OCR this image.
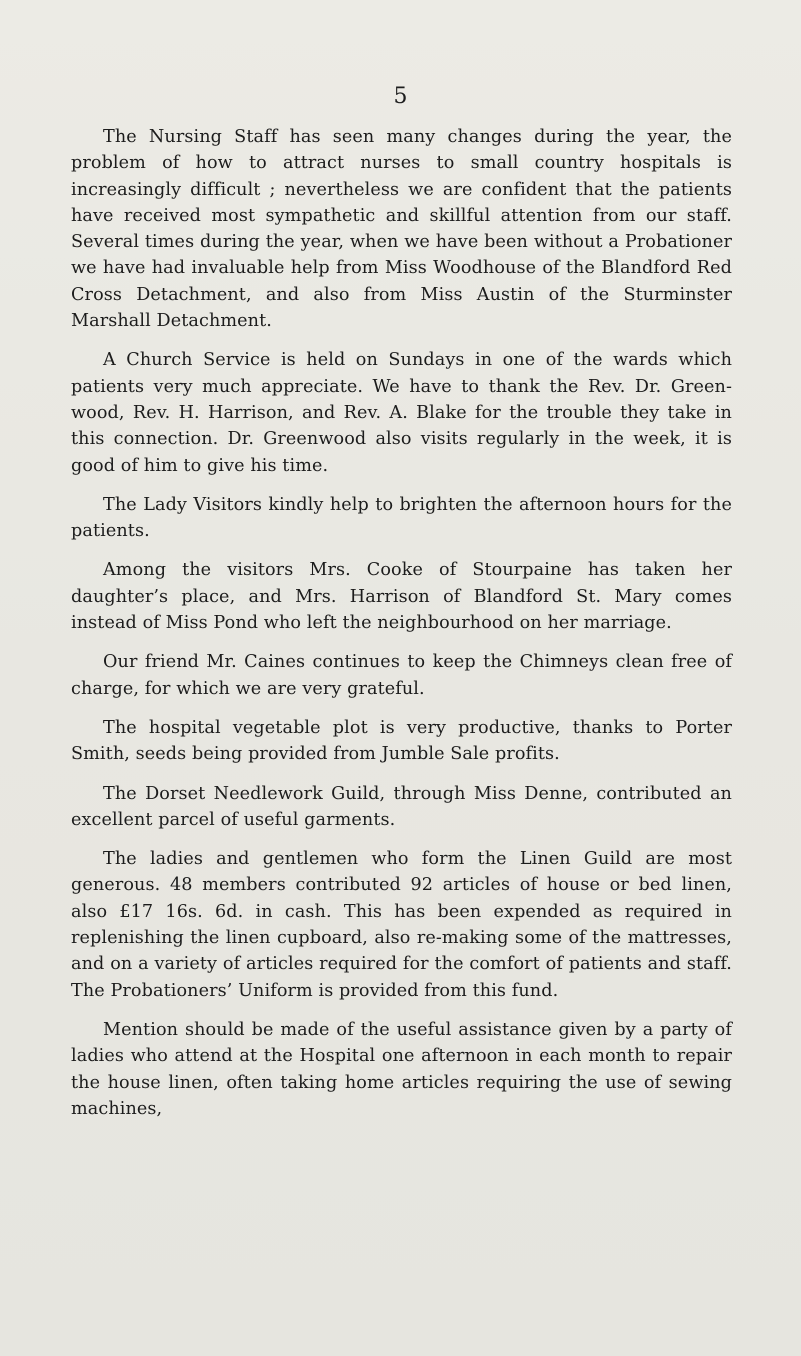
5

The Nursing Staff has seen many changes during the year, the problem of how to attract nurses to small country hospitals is increasingly difficult ; nevertheless we are confident that the patients have received most sympathetic and skillful attention from our staff. Several times during the year, when we have been without a Probationer we have had invaluable help from Miss Woodhouse of the Blandford Red Cross Detachment, and also from Miss Austin of the Sturminster Marshall Detachment.

A Church Service is held on Sundays in one of the wards which patients very much appreciate. We have to thank the Rev. Dr. Green- wood, Rev. H. Harrison, and Rev. A. Blake for the trouble they take in this connection. Dr. Greenwood also visits regularly in the week, it is good of him to give his time.

The Lady Visitors kindly help to brighten the afternoon hours for the patients.

Among the visitors Mrs. Cooke of Stourpaine has taken her daughter’s place, and Mrs. Harrison of Blandford St. Mary comes instead of Miss Pond who left the neighbourhood on her marriage.

Our friend Mr. Caines continues to keep the Chimneys clean free of charge, for which we are very grateful.

The hospital vegetable plot is very productive, thanks to Porter Smith, seeds being provided from Jumble Sale profits.

The Dorset Needlework Guild, through Miss Denne, contributed an excellent parcel of useful garments.

The ladies and gentlemen who form the Linen Guild are most generous. 48 members contributed 92 articles of house or bed linen, also £17 16s. 6d. in cash. This has been expended as required in replenishing the linen cupboard, also re-making some of the mattresses, and on a variety of articles required for the comfort of patients and staff. The Probationers’ Uniform is provided from this fund.

Mention should be made of the useful assistance given by a party of ladies who attend at the Hospital one afternoon in each month to repair the house linen, often taking home articles requiring the use of sewing machines,
